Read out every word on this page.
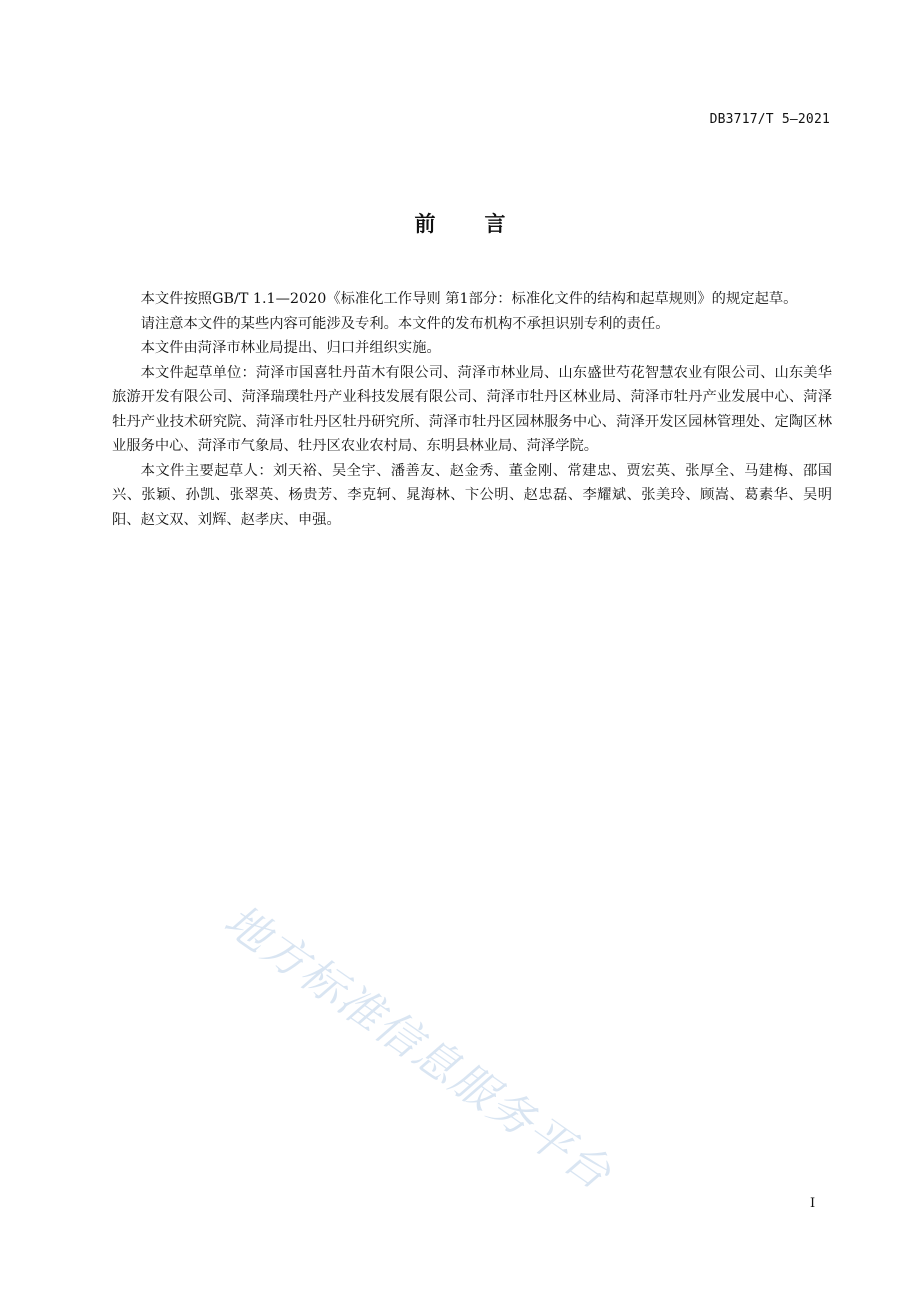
DB3717/T 5—2021
前 言

本文件按照GB/T 1.1—2020《标准化工作导则 第1部分：标准化文件的结构和起草规则》的规定起草。

请注意本文件的某些内容可能涉及专利。本文件的发布机构不承担识别专利的责任。

本文件由菏泽市林业局提出、归口并组织实施。

本文件起草单位：菏泽市国喜牡丹苗木有限公司、菏泽市林业局、山东盛世芍花智慧农业有限公司、山东美华旅游开发有限公司、菏泽瑞璞牡丹产业科技发展有限公司、菏泽市牡丹区林业局、菏泽市牡丹产业发展中心、菏泽牡丹产业技术研究院、菏泽市牡丹区牡丹研究所、菏泽市牡丹区园林服务中心、菏泽开发区园林管理处、定陶区林业服务中心、菏泽市气象局、牡丹区农业农村局、东明县林业局、菏泽学院。

本文件主要起草人：刘天裕、吴全宇、潘善友、赵金秀、董金刚、常建忠、贾宏英、张厚全、马建梅、邵国兴、张颖、孙凯、张翠英、杨贵芳、李克轲、晁海林、卞公明、赵忠磊、李耀斌、张美玲、顾嵩、葛素华、吴明阳、赵文双、刘辉、赵孝庆、申强。

地方标准信息服务平台
I
